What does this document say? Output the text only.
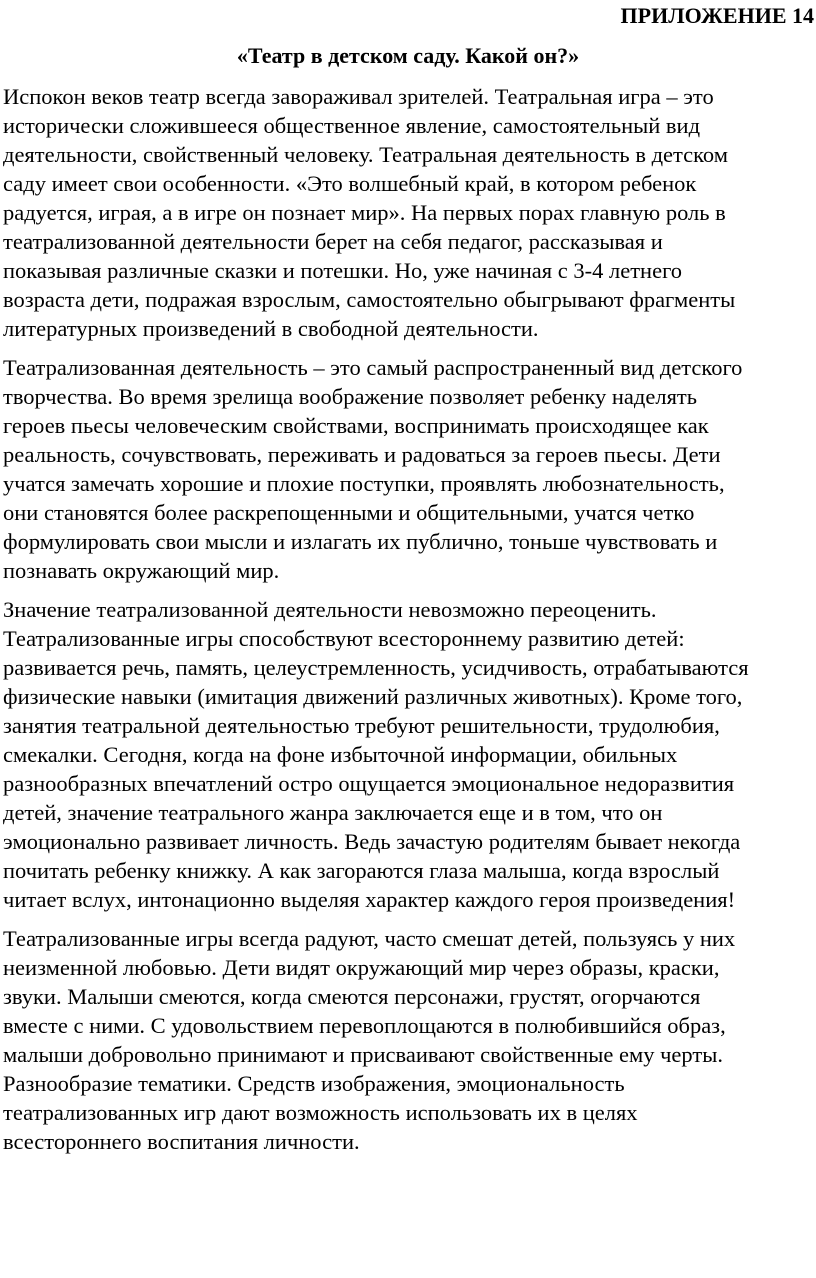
ПРИЛОЖЕНИЕ 14
«Театр в детском саду. Какой он?»

Испокон веков театр всегда завораживал зрителей. Театральная игра – это
исторически сложившееся общественное явление, самостоятельный вид
деятельности, свойственный человеку. Театральная деятельность в детском
саду имеет свои особенности. «Это волшебный край, в котором ребенок
радуется, играя, а в игре он познает мир». На первых порах главную роль в
театрализованной деятельности берет на себя педагог, рассказывая и
показывая различные сказки и потешки. Но, уже начиная с 3-4 летнего
возраста дети, подражая взрослым, самостоятельно обыгрывают фрагменты
литературных произведений в свободной деятельности.

Театрализованная деятельность – это самый распространенный вид детского
творчества. Во время зрелища воображение позволяет ребенку наделять
героев пьесы человеческим свойствами, воспринимать происходящее как
реальность, сочувствовать, переживать и радоваться за героев пьесы. Дети
учатся замечать хорошие и плохие поступки, проявлять любознательность,
они становятся более раскрепощенными и общительными, учатся четко
формулировать свои мысли и излагать их публично, тоньше чувствовать и
познавать окружающий мир.

Значение театрализованной деятельности невозможно переоценить.
Театрализованные игры способствуют всестороннему развитию детей:
развивается речь, память, целеустремленность, усидчивость, отрабатываются
физические навыки (имитация движений различных животных). Кроме того,
занятия театральной деятельностью требуют решительности, трудолюбия,
смекалки. Сегодня, когда на фоне избыточной информации, обильных
разнообразных впечатлений остро ощущается эмоциональное недоразвития
детей, значение театрального жанра заключается еще и в том, что он
эмоционально развивает личность. Ведь зачастую родителям бывает некогда
почитать ребенку книжку. А как загораются глаза малыша, когда взрослый
читает вслух, интонационно выделяя характер каждого героя произведения!

Театрализованные игры всегда радуют, часто смешат детей, пользуясь у них
неизменной любовью. Дети видят окружающий мир через образы, краски,
звуки. Малыши смеются, когда смеются персонажи, грустят, огорчаются
вместе с ними. С удовольствием перевоплощаются в полюбившийся образ,
малыши добровольно принимают и присваивают свойственные ему черты.
Разнообразие тематики. Средств изображения, эмоциональность
театрализованных игр дают возможность использовать их в целях
всестороннего воспитания личности.
